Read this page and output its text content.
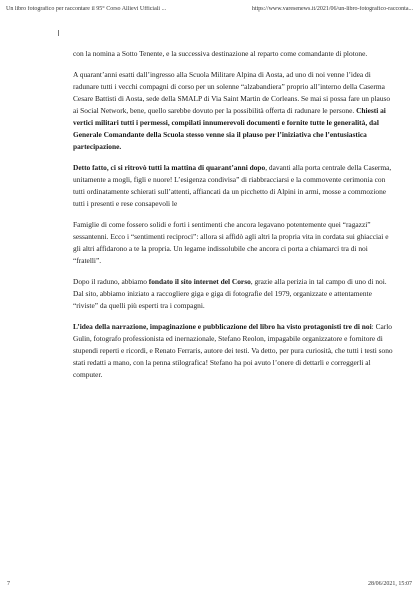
Un libro fotografico per raccontare il 95° Corso Allievi Ufficiali ...	https://www.varesenews.it/2021/06/un-libro-fotografico-racconta...

con la nomina a Sotto Tenente, e la successiva destinazione al reparto come comandante di plotone.

A quarant’anni esatti dall’ingresso alla Scuola Militare Alpina di Aosta, ad uno di noi venne l’idea di radunare tutti i vecchi compagni di corso per un solenne “alzabandiera” proprio all’interno della Caserma Cesare Battisti di Aosta, sede della SMALP di Via Saint Martin de Corleans. Se mai si possa fare un plauso ai Social Network, bene, quello sarebbe dovuto per la possibilità offerta di radunare le persone. Chiesti ai vertici militari tutti i permessi, compilati innumerevoli documenti e fornite tutte le generalità, dal Generale Comandante della Scuola stesso venne sia il plauso per l’iniziativa che l’entusiastica partecipazione.

Detto fatto, ci si ritrovò tutti la mattina di quarant’anni dopo, davanti alla porta centrale della Caserma, unitamente a mogli, figli e nuore! L’esigenza condivisa” di riabbracciarsi e la commovente cerimonia con tutti ordinatamente schierati sull’attenti, affiancati da un picchetto di Alpini in armi, mosse a commozione tutti i presenti e rese consapevoli le

Famiglie di come fossero solidi e forti i sentimenti che ancora legavano potentemente quei “ragazzi” sessantenni. Ecco i “sentimenti reciproci”: allora si affidò agli altri la propria vita in cordata sui ghiacciai e gli altri affidarono a te la propria. Un legame indissolubile che ancora ci porta a chiamarci tra di noi “fratelli”.

Dopo il raduno, abbiamo fondato il sito internet del Corso, grazie alla perizia in tal campo di uno di noi. Dal sito, abbiamo iniziato a raccogliere giga e giga di fotografie del 1979, organizzate e attentamente “riviste” da quelli più esperti tra i compagni.

L’idea della narrazione, impaginazione e pubblicazione del libro ha visto protagonisti tre di noi: Carlo Gulin, fotografo professionista ed inernazionale, Stefano Reolon, impagabile organizzatore e fornitore di stupendi reperti e ricordi, e Renato Ferraris, autore dei testi. Va detto, per pura curiosità, che tutti i testi sono stati redatti a mano, con la penna stilografica! Stefano ha poi avuto l’onere di dettarli e correggerli al computer.

7	28/06/2021, 15:07
